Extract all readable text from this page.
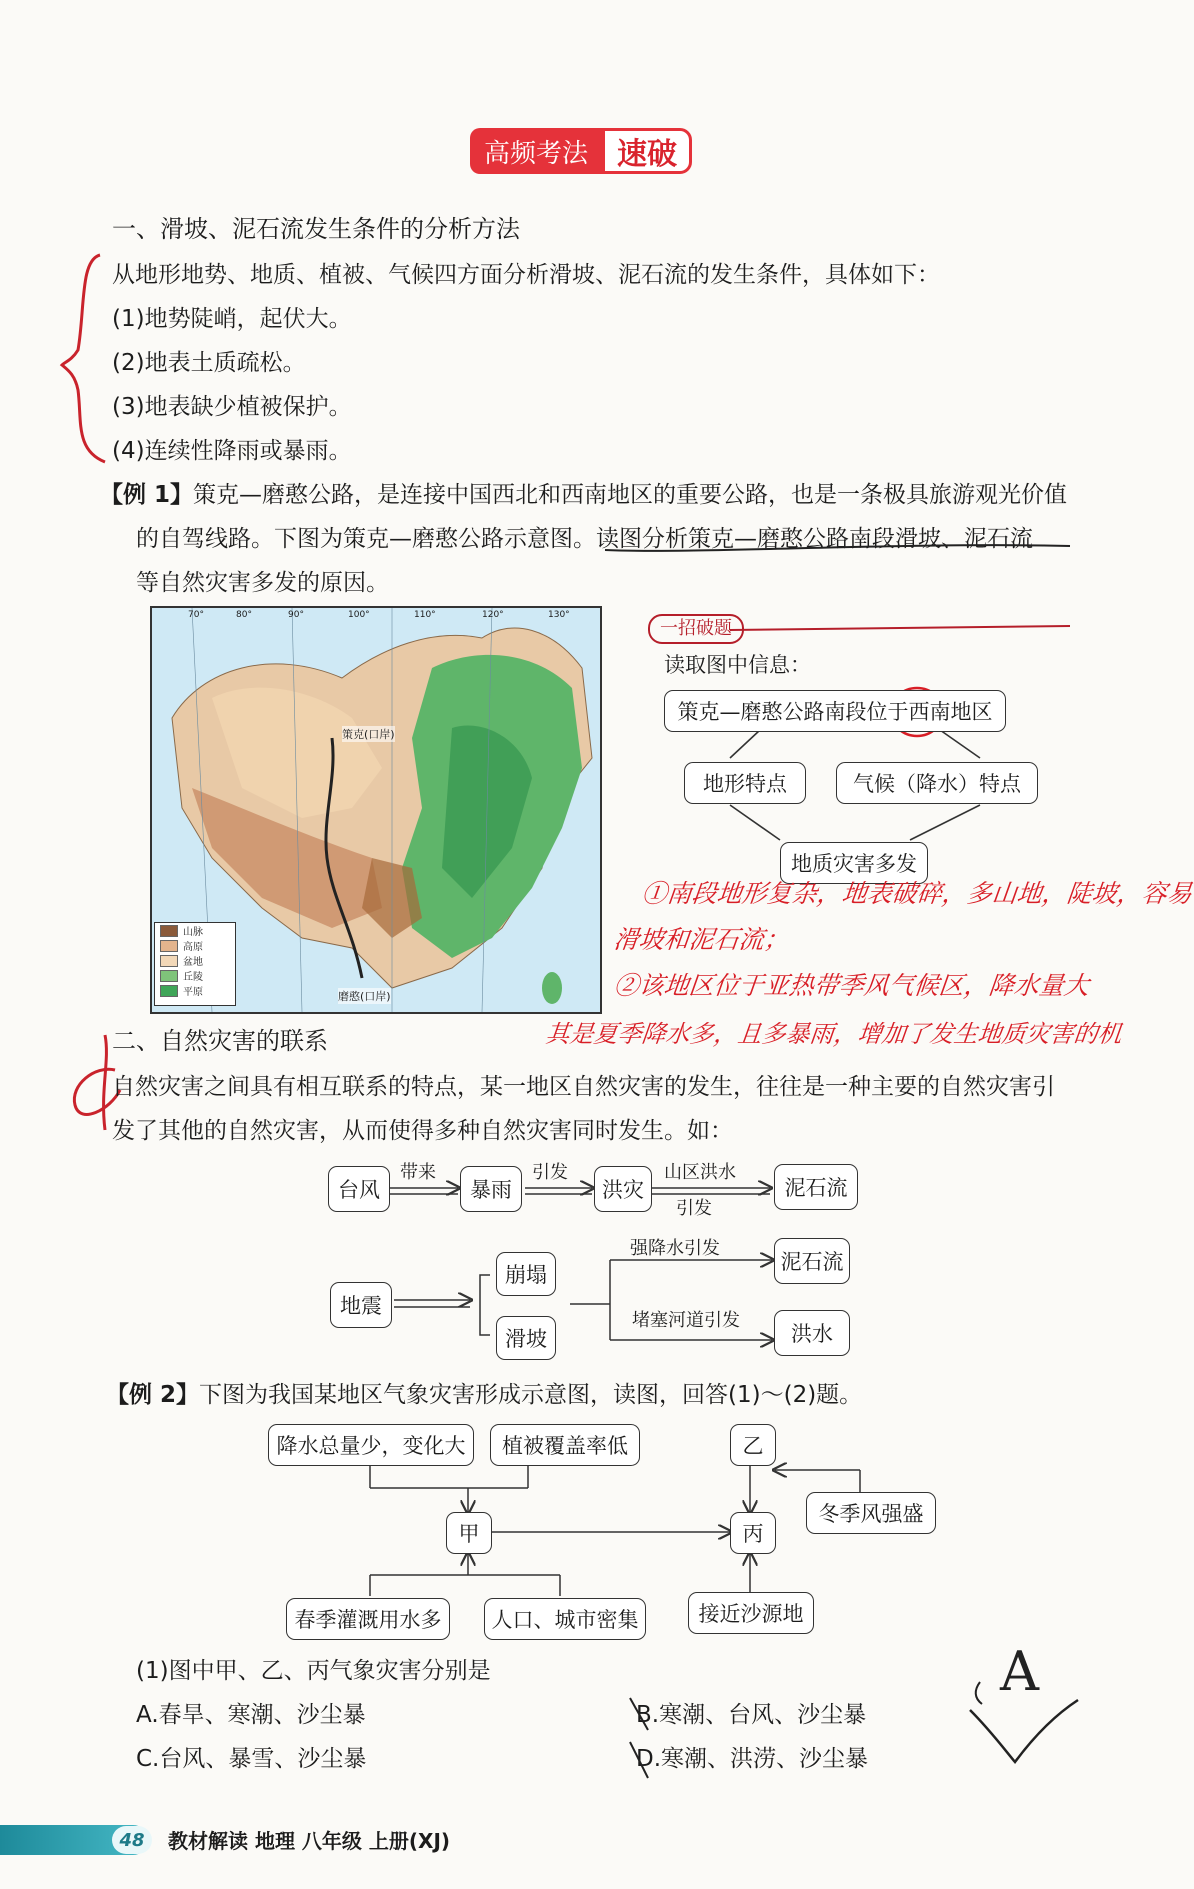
高频考法 速破
一、滑坡、泥石流发生条件的分析方法
从地形地势、地质、植被、气候四方面分析滑坡、泥石流的发生条件，具体如下：
(1)地势陡峭，起伏大。
(2)地表土质疏松。
(3)地表缺少植被保护。
(4)连续性降雨或暴雨。
【例 1】策克—磨憨公路，是连接中国西北和西南地区的重要公路，也是一条极具旅游观光价值
的自驾线路。下图为策克—磨憨公路示意图。读图分析策克—磨憨公路南段滑坡、泥石流
等自然灾害多发的原因。
70°	80°	90°	100°	110°	120°	130°
策克(口岸)
磨憨(口岸)
山脉
高原
盆地
丘陵
平原
一招破题
读取图中信息：
策克—磨憨公路南段位于西南地区
地形特点	气候（降水）特点
地质灾害多发
①南段地形复杂，地表破碎，多山地，陡坡，容易
滑坡和泥石流；
②该地区位于亚热带季风气候区，降水量大
其是夏季降水多，且多暴雨，增加了发生地质灾害的机
二、自然灾害的联系
自然灾害之间具有相互联系的特点，某一地区自然灾害的发生，往往是一种主要的自然灾害引
发了其他的自然灾害，从而使得多种自然灾害同时发生。如：
台风	暴雨	洪灾	泥石流
带来	引发	山区洪水
引发
地震
崩塌
滑坡
泥石流
洪水
强降水引发
堵塞河道引发
【例 2】下图为我国某地区气象灾害形成示意图，读图，回答(1)～(2)题。
降水总量少，变化大	植被覆盖率低
甲
乙
丙
冬季风强盛
春季灌溉用水多	人口、城市密集	接近沙源地
(1)图中甲、乙、丙气象灾害分别是
A.春旱、寒潮、沙尘暴	B.寒潮、台风、沙尘暴
C.台风、暴雪、沙尘暴	D.寒潮、洪涝、沙尘暴
A
48	教材解读 地理 八年级 上册(XJ)
